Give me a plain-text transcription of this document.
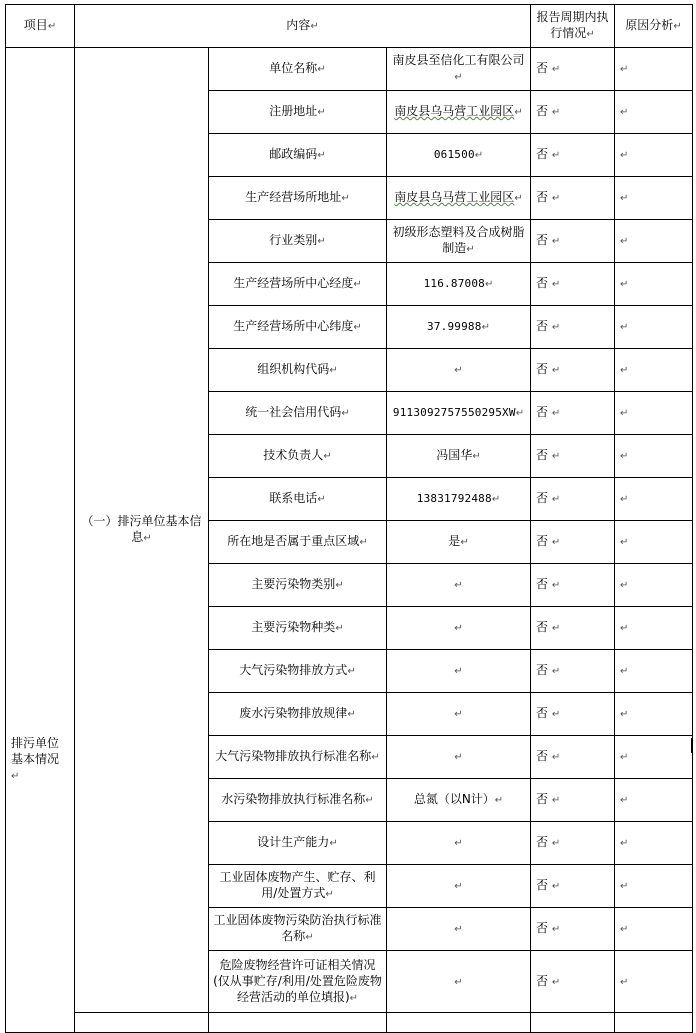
项目↵	内容↵			报告周期内执行情况↵	原因分析↵
排污单位基本情况↵	（一）排污单位基本信息↵	单位名称↵	南皮县至信化工有限公司↵	否 ↵	↵
		注册地址↵	南皮县乌马营工业园区↵	否 ↵	↵
		邮政编码↵	061500↵	否 ↵	↵
		生产经营场所地址↵	南皮县乌马营工业园区↵	否 ↵	↵
		行业类别↵	初级形态塑料及合成树脂制造↵	否 ↵	↵
		生产经营场所中心经度↵	116.87008↵	否 ↵	↵
		生产经营场所中心纬度↵	37.99988↵	否 ↵	↵
		组织机构代码↵	↵	否 ↵	↵
		统一社会信用代码↵	9113092757550295XW↵	否 ↵	↵
		技术负责人↵	冯国华↵	否 ↵	↵
		联系电话↵	13831792488↵	否 ↵	↵
		所在地是否属于重点区域↵	是↵	否 ↵	↵
		主要污染物类别↵	↵	否 ↵	↵
		主要污染物种类↵	↵	否 ↵	↵
		大气污染物排放方式↵	↵	否 ↵	↵
		废水污染物排放规律↵	↵	否 ↵	↵
		大气污染物排放执行标准名称↵	↵	否 ↵	↵
		水污染物排放执行标准名称↵	总氮（以N计）↵	否 ↵	↵
		设计生产能力↵	↵	否 ↵	↵
		工业固体废物产生、贮存、利用/处置方式↵	↵	否 ↵	↵
		工业固体废物污染防治执行标准名称↵	↵	否 ↵	↵
		危险废物经营许可证相关情况(仅从事贮存/利用/处置危险废物经营活动的单位填报)↵	↵	否 ↵	↵
